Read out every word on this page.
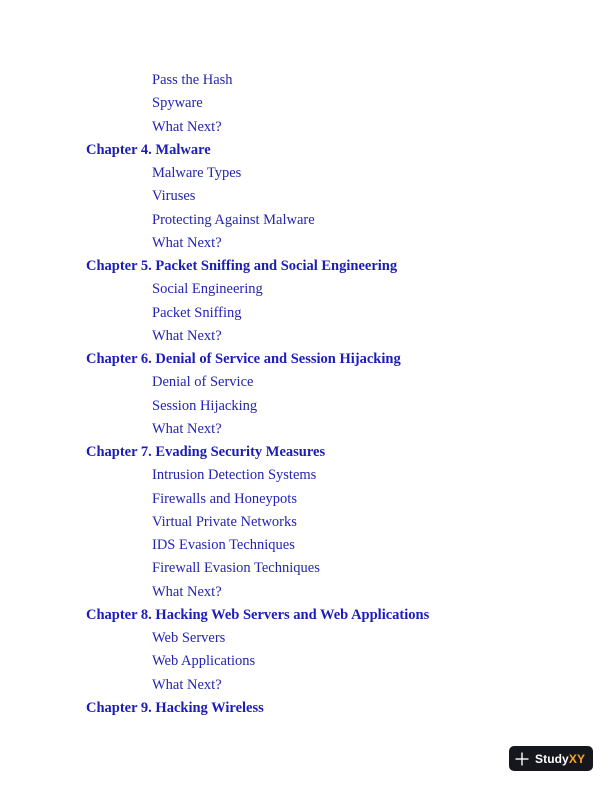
Pass the Hash
Spyware
What Next?
Chapter 4. Malware
Malware Types
Viruses
Protecting Against Malware
What Next?
Chapter 5. Packet Sniffing and Social Engineering
Social Engineering
Packet Sniffing
What Next?
Chapter 6. Denial of Service and Session Hijacking
Denial of Service
Session Hijacking
What Next?
Chapter 7. Evading Security Measures
Intrusion Detection Systems
Firewalls and Honeypots
Virtual Private Networks
IDS Evasion Techniques
Firewall Evasion Techniques
What Next?
Chapter 8. Hacking Web Servers and Web Applications
Web Servers
Web Applications
What Next?
Chapter 9. Hacking Wireless
StudyXY
